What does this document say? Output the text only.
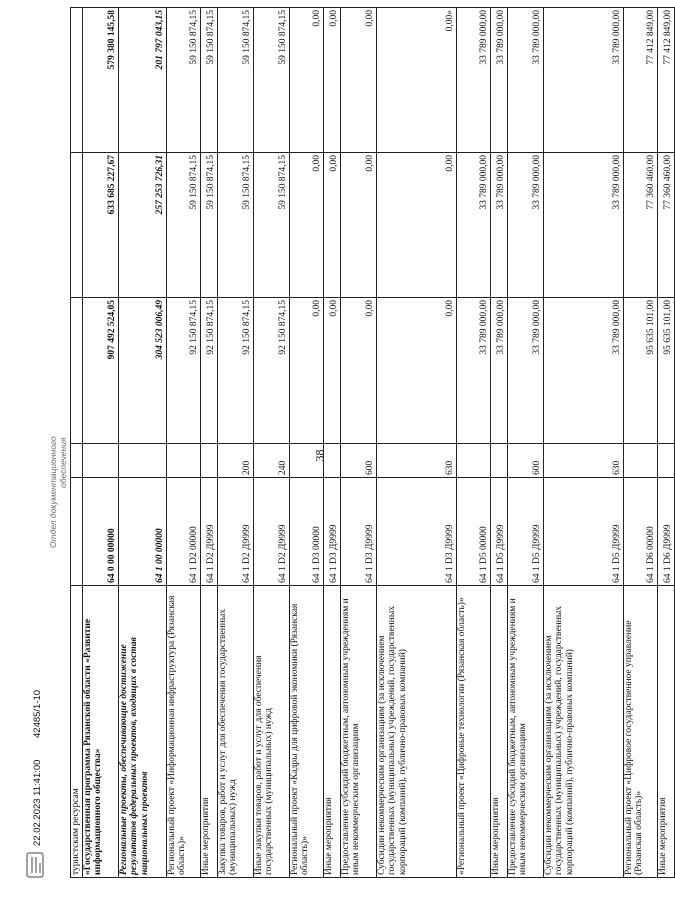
38
туристским ресурсам					
«Государственная программа Рязанской области «Развитие информационного общества»	64 0 00 00000		907 492 524,05	633 685 227,67	579 380 145,58
Региональные проекты, обеспечивающие достижение результатов федеральных проектов, входящих в состав национальных проектов	64 1 00 00000		304 523 006,49	257 253 726,31	201 797 043,15
Региональный проект «Информационная инфраструктура (Рязанская область)»	64 1 D2 00000		92 150 874,15	59 150 874,15	59 150 874,15
Иные мероприятия	64 1 D2 Д9999		92 150 874,15	59 150 874,15	59 150 874,15
Закупка товаров, работ и услуг для обеспечения государственных (муниципальных) нужд	64 1 D2 Д9999	200	92 150 874,15	59 150 874,15	59 150 874,15
Иные закупки товаров, работ и услуг для обеспечения государственных (муниципальных) нужд	64 1 D2 Д9999	240	92 150 874,15	59 150 874,15	59 150 874,15
Региональный проект «Кадры для цифровой экономики (Рязанская область)»	64 1 D3 00000		0,00	0,00	0,00
Иные мероприятия	64 1 D3 Д9999		0,00	0,00	0,00
Предоставление субсидий бюджетным, автономным учреждениям и иным некоммерческим организациям	64 1 D3 Д9999	600	0,00	0,00	0,00
Субсидии некоммерческим организациям (за исключением государственных (муниципальных) учреждений, государственных корпораций (компаний), публично-правовых компаний)	64 1 D3 Д9999	630	0,00	0,00	0,00»
«Региональный проект «Цифровые технологии (Рязанская область)»	64 1 D5 00000		33 789 000,00	33 789 000,00	33 789 000,00
Иные мероприятия	64 1 D5 Д9999		33 789 000,00	33 789 000,00	33 789 000,00
Предоставление субсидий бюджетным, автономным учреждениям и иным некоммерческим организациям	64 1 D5 Д9999	600	33 789 000,00	33 789 000,00	33 789 000,00
Субсидии некоммерческим организациям (за исключением государственных (муниципальных) учреждений, государственных корпораций (компаний), публично-правовых компаний)	64 1 D5 Д9999	630	33 789 000,00	33 789 000,00	33 789 000,00
Региональный проект «Цифровое государственное управление (Рязанская область)»	64 1 D6 00000		95 635 101,00	77 360 460,00	77 412 849,00
Иные мероприятия	64 1 D6 Д9999		95 635 101,00	77 360 460,00	77 412 849,00
22.02.2023 11:41:00
42485/1-10
Отдел документационного обеспечения
